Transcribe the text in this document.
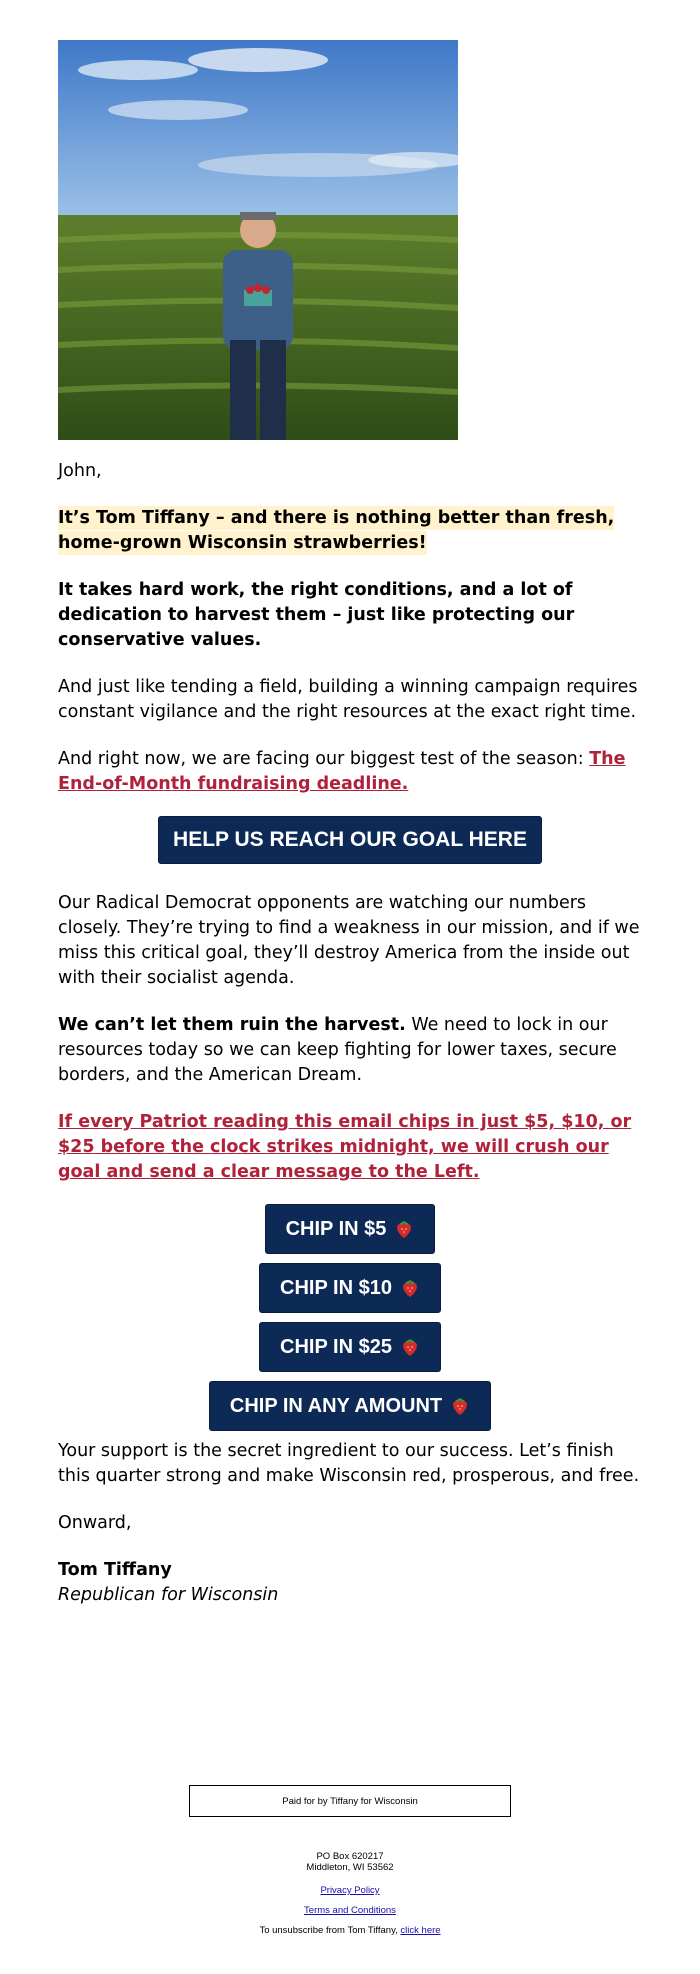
John,

It’s Tom Tiffany – and there is nothing better than fresh, home-grown Wisconsin strawberries!

It takes hard work, the right conditions, and a lot of dedication to harvest them – just like protecting our conservative values.

And just like tending a field, building a winning campaign requires constant vigilance and the right resources at the exact right time.

And right now, we are facing our biggest test of the season: The End-of-Month fundraising deadline.

HELP US REACH OUR GOAL HERE

Our Radical Democrat opponents are watching our numbers closely. They’re trying to find a weakness in our mission, and if we miss this critical goal, they’ll destroy America from the inside out with their socialist agenda.

We can’t let them ruin the harvest. We need to lock in our resources today so we can keep fighting for lower taxes, secure borders, and the American Dream.

If every Patriot reading this email chips in just $5, $10, or $25 before the clock strikes midnight, we will crush our goal and send a clear message to the Left.

CHIP IN $5
CHIP IN $10
CHIP IN $25
CHIP IN ANY AMOUNT

Your support is the secret ingredient to our success. Let’s finish this quarter strong and make Wisconsin red, prosperous, and free.

Onward,

Tom Tiffany

Republican for Wisconsin

Paid for by Tiffany for Wisconsin
PO Box 620217
Middleton, WI 53562
Privacy Policy
Terms and Conditions
To unsubscribe from Tom Tiffany, click here
